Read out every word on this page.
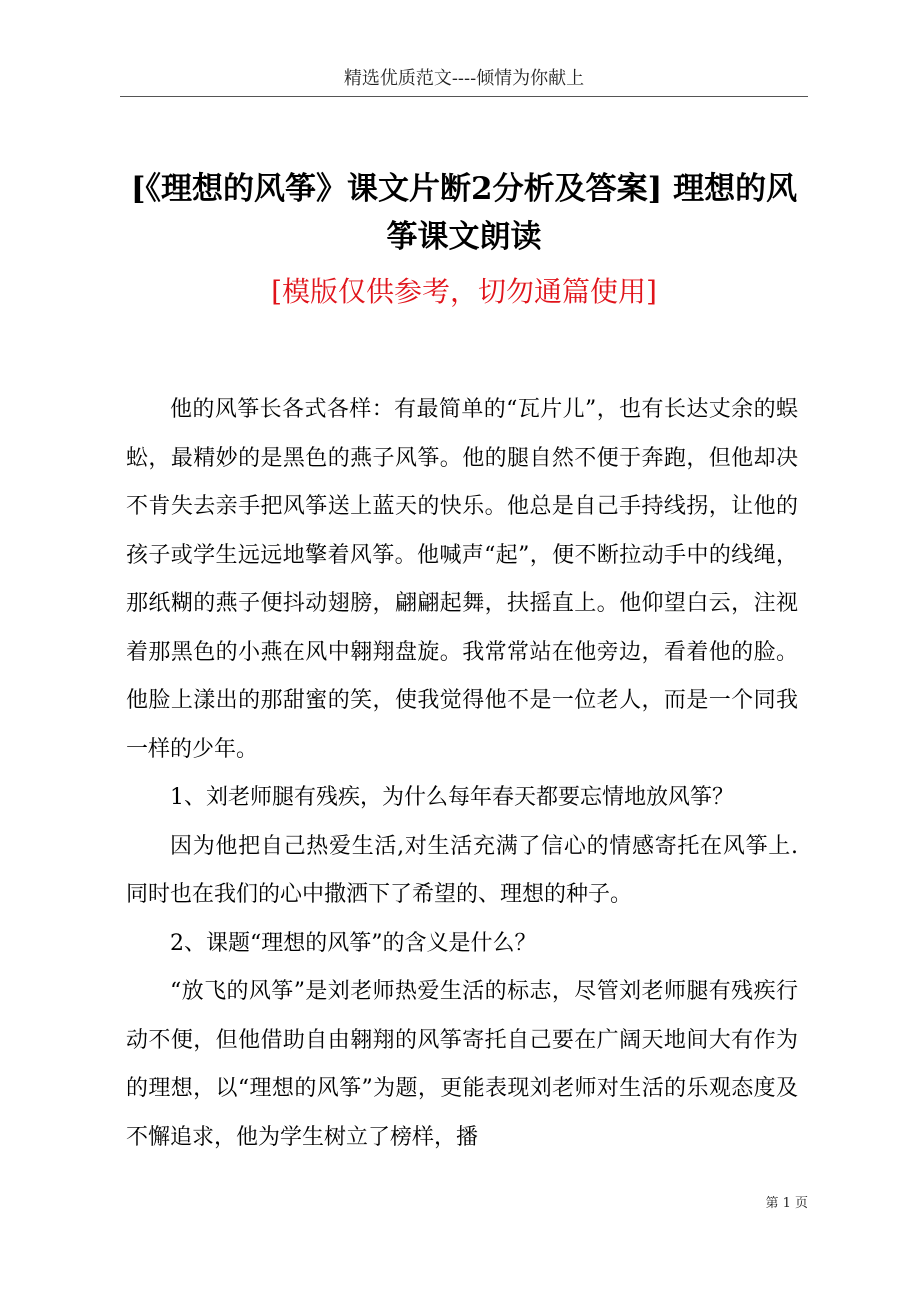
精选优质范文----倾情为你献上
[《理想的风筝》课文片断2分析及答案] 理想的风筝课文朗读
[模版仅供参考，切勿通篇使用]

他的风筝长各式各样：有最简单的“瓦片儿”，也有长达丈余的蜈蚣，最精妙的是黑色的燕子风筝。他的腿自然不便于奔跑，但他却决不肯失去亲手把风筝送上蓝天的快乐。他总是自己手持线拐，让他的孩子或学生远远地擎着风筝。他喊声“起”，便不断拉动手中的线绳，那纸糊的燕子便抖动翅膀，翩翩起舞，扶摇直上。他仰望白云，注视着那黑色的小燕在风中翱翔盘旋。我常常站在他旁边，看着他的脸。他脸上漾出的那甜蜜的笑，使我觉得他不是一位老人，而是一个同我一样的少年。

1、刘老师腿有残疾，为什么每年春天都要忘情地放风筝？

因为他把自己热爱生活,对生活充满了信心的情感寄托在风筝上.同时也在我们的心中撒洒下了希望的、理想的种子。

2、课题“理想的风筝”的含义是什么？

“放飞的风筝”是刘老师热爱生活的标志，尽管刘老师腿有残疾行动不便，但他借助自由翱翔的风筝寄托自己要在广阔天地间大有作为的理想，以“理想的风筝”为题，更能表现刘老师对生活的乐观态度及不懈追求，他为学生树立了榜样，播

第 1 页
